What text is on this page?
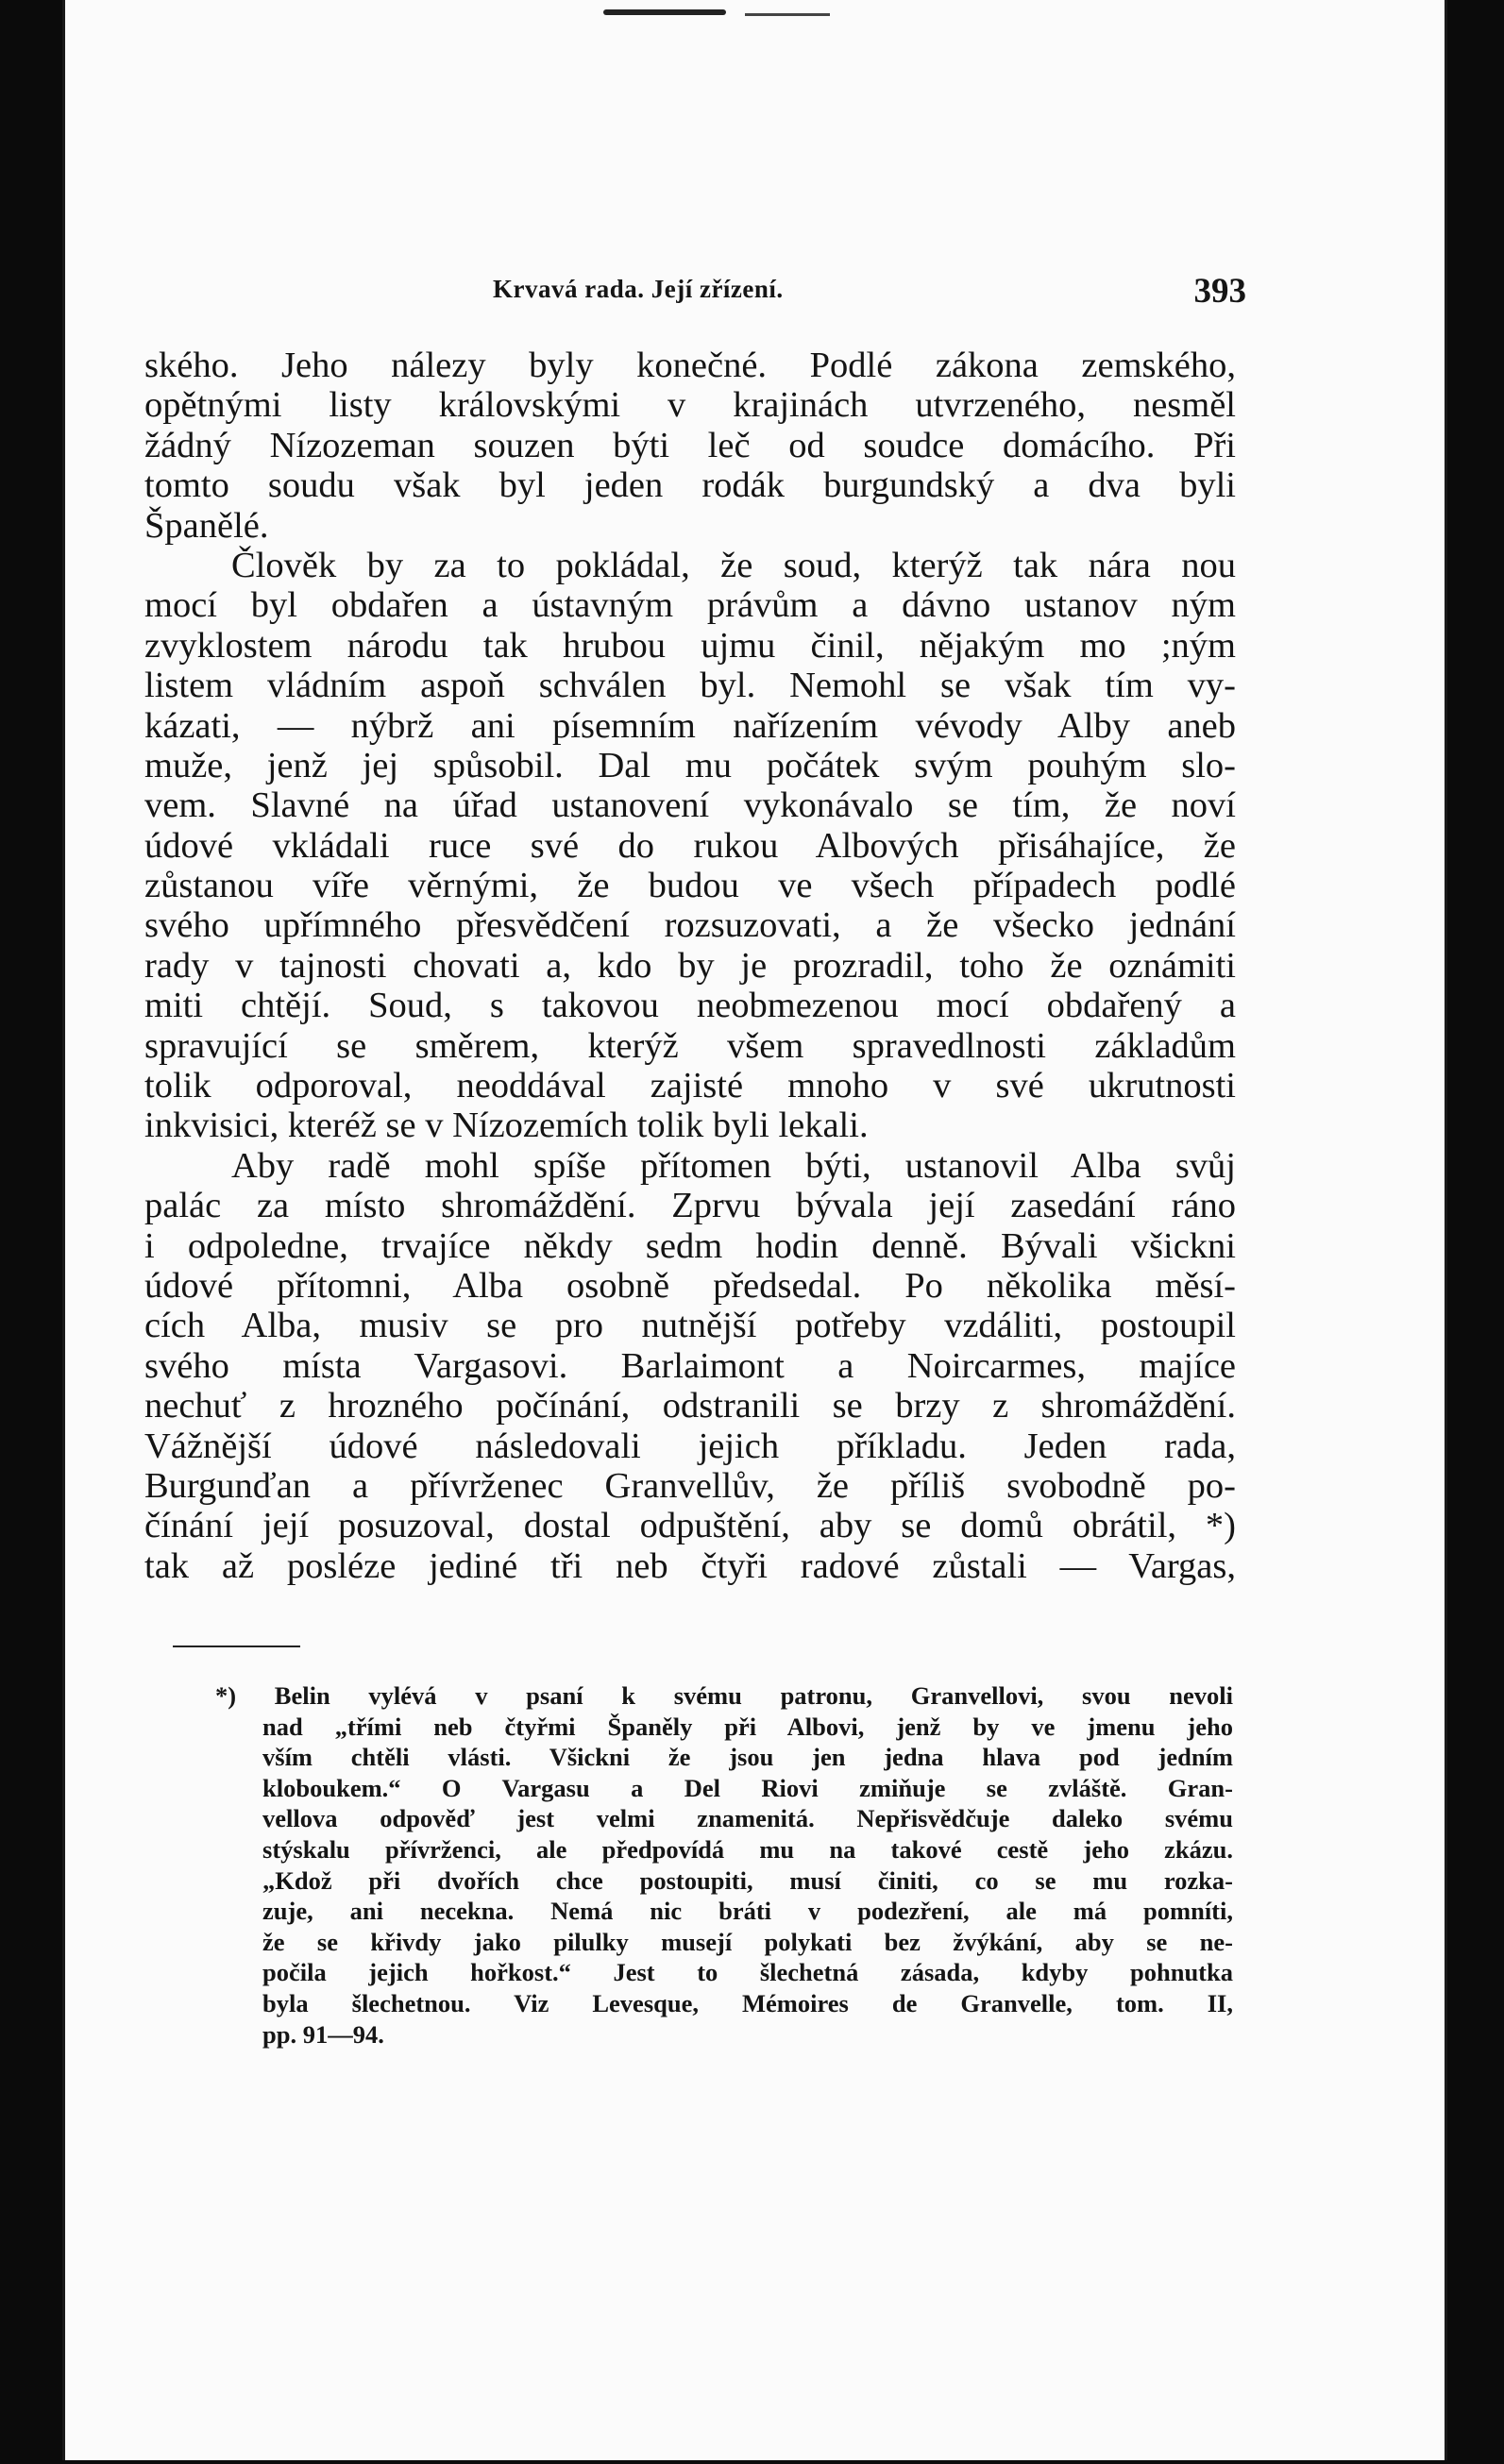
Krvavá rada. Její zřízení.	393
ského. Jeho nálezy byly konečné. Podlé zákona zemského,
opětnými listy královskými v krajinách utvrzeného, nesměl
žádný Nízozeman souzen býti leč od soudce domácího. Při
tomto soudu však byl jeden rodák burgundský a dva byli
Španělé.
Člověk by za to pokládal, že soud, kterýž tak nára nou
mocí byl obdařen a ústavným právům a dávno ustanov ným
zvyklostem národu tak hrubou ujmu činil, nějakým mo ;ným
listem vládním aspoň schválen byl. Nemohl se však tím vy-
kázati, — nýbrž ani písemním nařízením vévody Alby aneb
muže, jenž jej spůsobil. Dal mu počátek svým pouhým slo-
vem. Slavné na úřad ustanovení vykonávalo se tím, že noví
údové vkládali ruce své do rukou Albových přisáhajíce, že
zůstanou víře věrnými, že budou ve všech případech podlé
svého upřímného přesvědčení rozsuzovati, a že všecko jednání
rady v tajnosti chovati a, kdo by je prozradil, toho že oznámiti
miti chtějí. Soud, s takovou neobmezenou mocí obdařený a
spravující se směrem, kterýž všem spravedlnosti základům
tolik odporoval, neoddával zajisté mnoho v své ukrutnosti
inkvisici, kteréž se v Nízozemích tolik byli lekali.
Aby radě mohl spíše přítomen býti, ustanovil Alba svůj
palác za místo shromáždění. Zprvu bývala její zasedání ráno
i odpoledne, trvajíce někdy sedm hodin denně. Bývali všickni
údové přítomni, Alba osobně předsedal. Po několika měsí-
cích Alba, musiv se pro nutnější potřeby vzdáliti, postoupil
svého místa Vargasovi. Barlaimont a Noircarmes, majíce
nechuť z hrozného počínání, odstranili se brzy z shromáždění.
Vážnější údové následovali jejich příkladu. Jeden rada,
Burgunďan a přívrženec Granvellův, že příliš svobodně po-
čínání její posuzoval, dostal odpuštění, aby se domů obrátil, *)
tak až posléze jediné tři neb čtyři radové zůstali — Vargas,
*) Belin vylévá v psaní k svému patronu, Granvellovi, svou nevoli
nad „třími neb čtyřmi Španěly při Albovi, jenž by ve jmenu jeho
vším chtěli vlásti. Všickni že jsou jen jedna hlava pod jedním
kloboukem.“ O Vargasu a Del Riovi zmiňuje se zvláště. Gran-
vellova odpověď jest velmi znamenitá. Nepřisvědčuje daleko svému
stýskalu přívrženci, ale předpovídá mu na takové cestě jeho zkázu.
„Kdož při dvořích chce postoupiti, musí činiti, co se mu rozka-
zuje, ani necekna. Nemá nic bráti v podezření, ale má pomníti,
že se křivdy jako pilulky musejí polykati bez žvýkání, aby se ne-
počila jejich hořkost.“ Jest to šlechetná zásada, kdyby pohnutka
byla šlechetnou. Viz Levesque, Mémoires de Granvelle, tom. II,
pp. 91—94.
